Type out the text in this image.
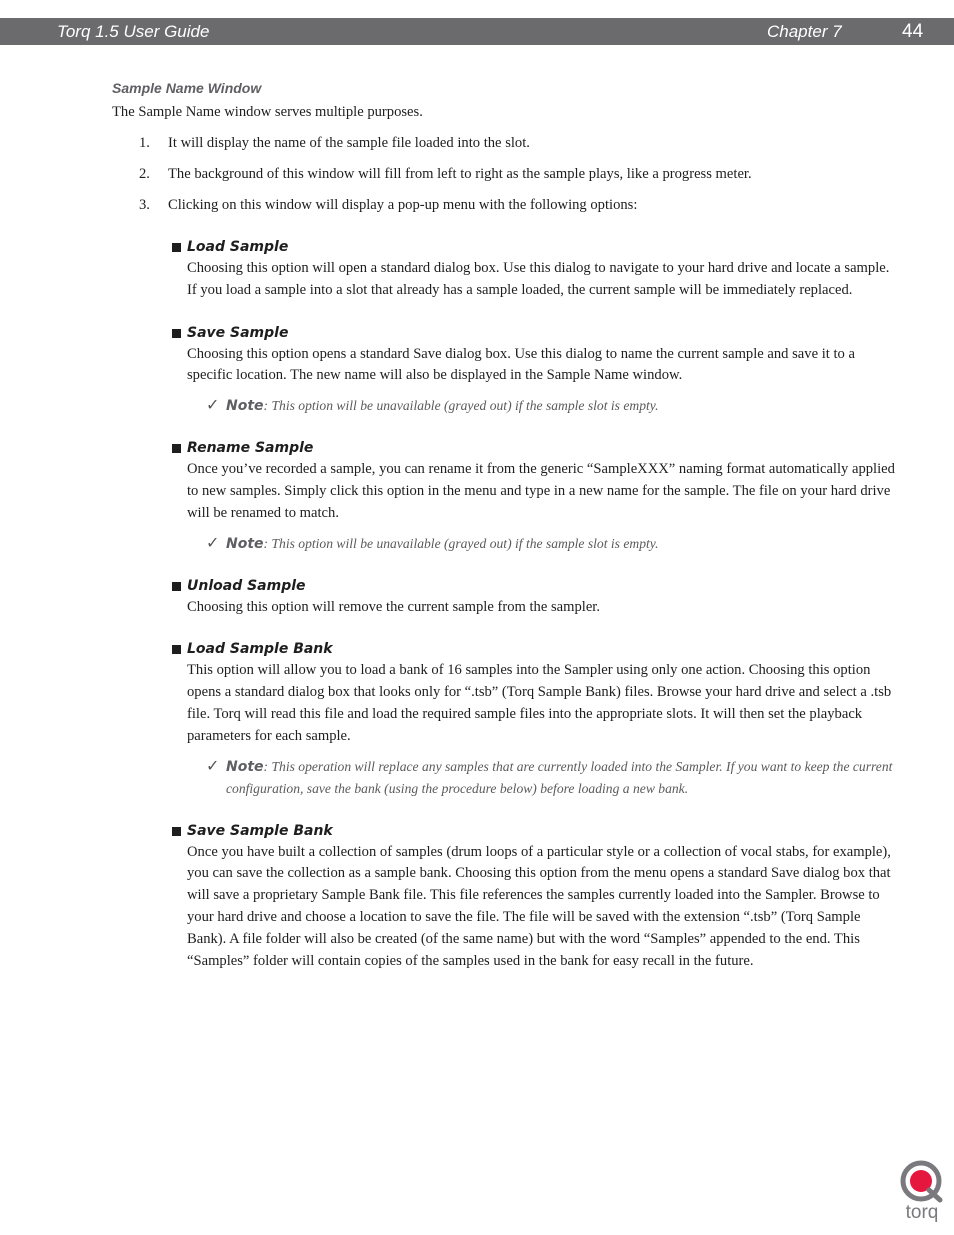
Torq 1.5 User Guide	Chapter 7	44
Sample Name Window
The Sample Name window serves multiple purposes.
1. It will display the name of the sample file loaded into the slot.
2. The background of this window will fill from left to right as the sample plays, like a progress meter.
3. Clicking on this window will display a pop-up menu with the following options:
Load Sample
Choosing this option will open a standard dialog box. Use this dialog to navigate to your hard drive and locate a sample. If you load a sample into a slot that already has a sample loaded, the current sample will be immediately replaced.
Save Sample
Choosing this option opens a standard Save dialog box. Use this dialog to name the current sample and save it to a specific location. The new name will also be displayed in the Sample Name window.
✓ Note: This option will be unavailable (grayed out) if the sample slot is empty.
Rename Sample
Once you’ve recorded a sample, you can rename it from the generic “SampleXXX” naming format automatically applied to new samples. Simply click this option in the menu and type in a new name for the sample. The file on your hard drive will be renamed to match.
✓ Note: This option will be unavailable (grayed out) if the sample slot is empty.
Unload Sample
Choosing this option will remove the current sample from the sampler.
Load Sample Bank
This option will allow you to load a bank of 16 samples into the Sampler using only one action. Choosing this option opens a standard dialog box that looks only for “.tsb” (Torq Sample Bank) files. Browse your hard drive and select a .tsb file. Torq will read this file and load the required sample files into the appropriate slots. It will then set the playback parameters for each sample.
✓ Note: This operation will replace any samples that are currently loaded into the Sampler. If you want to keep the current configuration, save the bank (using the procedure below) before loading a new bank.
Save Sample Bank
Once you have built a collection of samples (drum loops of a particular style or a collection of vocal stabs, for example), you can save the collection as a sample bank. Choosing this option from the menu opens a standard Save dialog box that will save a proprietary Sample Bank file. This file references the samples currently loaded into the Sampler. Browse to your hard drive and choose a location to save the file. The file will be saved with the extension “.tsb” (Torq Sample Bank). A file folder will also be created (of the same name) but with the word “Samples” appended to the end. This “Samples” folder will contain copies of the samples used in the bank for easy recall in the future.
torq
